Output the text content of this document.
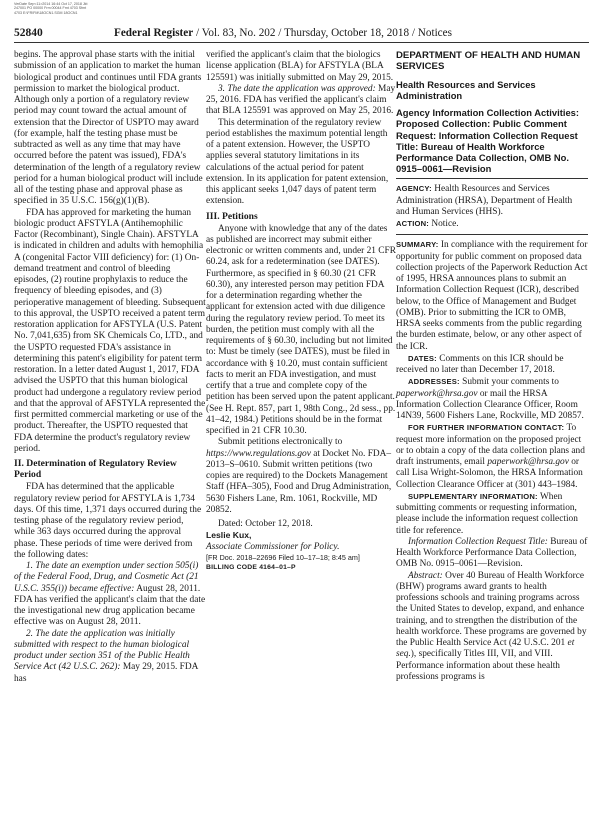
VerDate Sep<11>2014 16:44 Oct 17, 2018 Jkt 247001 PO 00000 Frm 00044 Fmt 4703 Sfmt 4703 E:\FR\FM\18OCN1.SGM 18OCN1
52840	Federal Register / Vol. 83, No. 202 / Thursday, October 18, 2018 / Notices

begins. The approval phase starts with the initial submission of an application to market the human biological product and continues until FDA grants permission to market the biological product. Although only a portion of a regulatory review period may count toward the actual amount of extension that the Director of USPTO may award (for example, half the testing phase must be subtracted as well as any time that may have occurred before the patent was issued), FDA's determination of the length of a regulatory review period for a human biological product will include all of the testing phase and approval phase as specified in 35 U.S.C. 156(g)(1)(B).

FDA has approved for marketing the human biologic product AFSTYLA (Antihemophilic Factor (Recombinant), Single Chain). AFSTYLA is indicated in children and adults with hemophilia A (congenital Factor VIII deficiency) for: (1) On-demand treatment and control of bleeding episodes, (2) routine prophylaxis to reduce the frequency of bleeding episodes, and (3) perioperative management of bleeding. Subsequent to this approval, the USPTO received a patent term restoration application for AFSTYLA (U.S. Patent No. 7,041,635) from SK Chemicals Co, LTD., and the USPTO requested FDA's assistance in determining this patent's eligibility for patent term restoration. In a letter dated August 1, 2017, FDA advised the USPTO that this human biological product had undergone a regulatory review period and that the approval of AFSTYLA represented the first permitted commercial marketing or use of the product. Thereafter, the USPTO requested that FDA determine the product's regulatory review period.

II. Determination of Regulatory Review Period

FDA has determined that the applicable regulatory review period for AFSTYLA is 1,734 days. Of this time, 1,371 days occurred during the testing phase of the regulatory review period, while 363 days occurred during the approval phase. These periods of time were derived from the following dates:

1. The date an exemption under section 505(i) of the Federal Food, Drug, and Cosmetic Act (21 U.S.C. 355(i)) became effective: August 28, 2011. FDA has verified the applicant's claim that the date the investigational new drug application became effective was on August 28, 2011.

2. The date the application was initially submitted with respect to the human biological product under section 351 of the Public Health Service Act (42 U.S.C. 262): May 29, 2015. FDA has

verified the applicant's claim that the biologics license application (BLA) for AFSTYLA (BLA 125591) was initially submitted on May 29, 2015.

3. The date the application was approved: May 25, 2016. FDA has verified the applicant's claim that BLA 125591 was approved on May 25, 2016.

This determination of the regulatory review period establishes the maximum potential length of a patent extension. However, the USPTO applies several statutory limitations in its calculations of the actual period for patent extension. In its application for patent extension, this applicant seeks 1,047 days of patent term extension.

III. Petitions

Anyone with knowledge that any of the dates as published are incorrect may submit either electronic or written comments and, under 21 CFR 60.24, ask for a redetermination (see DATES). Furthermore, as specified in § 60.30 (21 CFR 60.30), any interested person may petition FDA for a determination regarding whether the applicant for extension acted with due diligence during the regulatory review period. To meet its burden, the petition must comply with all the requirements of § 60.30, including but not limited to: Must be timely (see DATES), must be filed in accordance with § 10.20, must contain sufficient facts to merit an FDA investigation, and must certify that a true and complete copy of the petition has been served upon the patent applicant. (See H. Rept. 857, part 1, 98th Cong., 2d sess., pp. 41–42, 1984.) Petitions should be in the format specified in 21 CFR 10.30.

Submit petitions electronically to https://www.regulations.gov at Docket No. FDA–2013–S–0610. Submit written petitions (two copies are required) to the Dockets Management Staff (HFA–305), Food and Drug Administration, 5630 Fishers Lane, Rm. 1061, Rockville, MD 20852.

Dated: October 12, 2018.

Leslie Kux,

Associate Commissioner for Policy.

[FR Doc. 2018–22696 Filed 10–17–18; 8:45 am]

BILLING CODE 4164–01–P

DEPARTMENT OF HEALTH AND HUMAN SERVICES

Health Resources and Services Administration

Agency Information Collection Activities: Proposed Collection: Public Comment Request: Information Collection Request Title: Bureau of Health Workforce Performance Data Collection, OMB No. 0915–0061—Revision

AGENCY: Health Resources and Services Administration (HRSA), Department of Health and Human Services (HHS).

ACTION: Notice.

SUMMARY: In compliance with the requirement for opportunity for public comment on proposed data collection projects of the Paperwork Reduction Act of 1995, HRSA announces plans to submit an Information Collection Request (ICR), described below, to the Office of Management and Budget (OMB). Prior to submitting the ICR to OMB, HRSA seeks comments from the public regarding the burden estimate, below, or any other aspect of the ICR.

DATES: Comments on this ICR should be received no later than December 17, 2018.

ADDRESSES: Submit your comments to paperwork@hrsa.gov or mail the HRSA Information Collection Clearance Officer, Room 14N39, 5600 Fishers Lane, Rockville, MD 20857.

FOR FURTHER INFORMATION CONTACT: To request more information on the proposed project or to obtain a copy of the data collection plans and draft instruments, email paperwork@hrsa.gov or call Lisa Wright-Solomon, the HRSA Information Collection Clearance Officer at (301) 443–1984.

SUPPLEMENTARY INFORMATION: When submitting comments or requesting information, please include the information request collection title for reference.

Information Collection Request Title: Bureau of Health Workforce Performance Data Collection, OMB No. 0915–0061—Revision.

Abstract: Over 40 Bureau of Health Workforce (BHW) programs award grants to health professions schools and training programs across the United States to develop, expand, and enhance training, and to strengthen the distribution of the health workforce. These programs are governed by the Public Health Service Act (42 U.S.C. 201 et seq.), specifically Titles III, VII, and VIII. Performance information about these health professions programs is
